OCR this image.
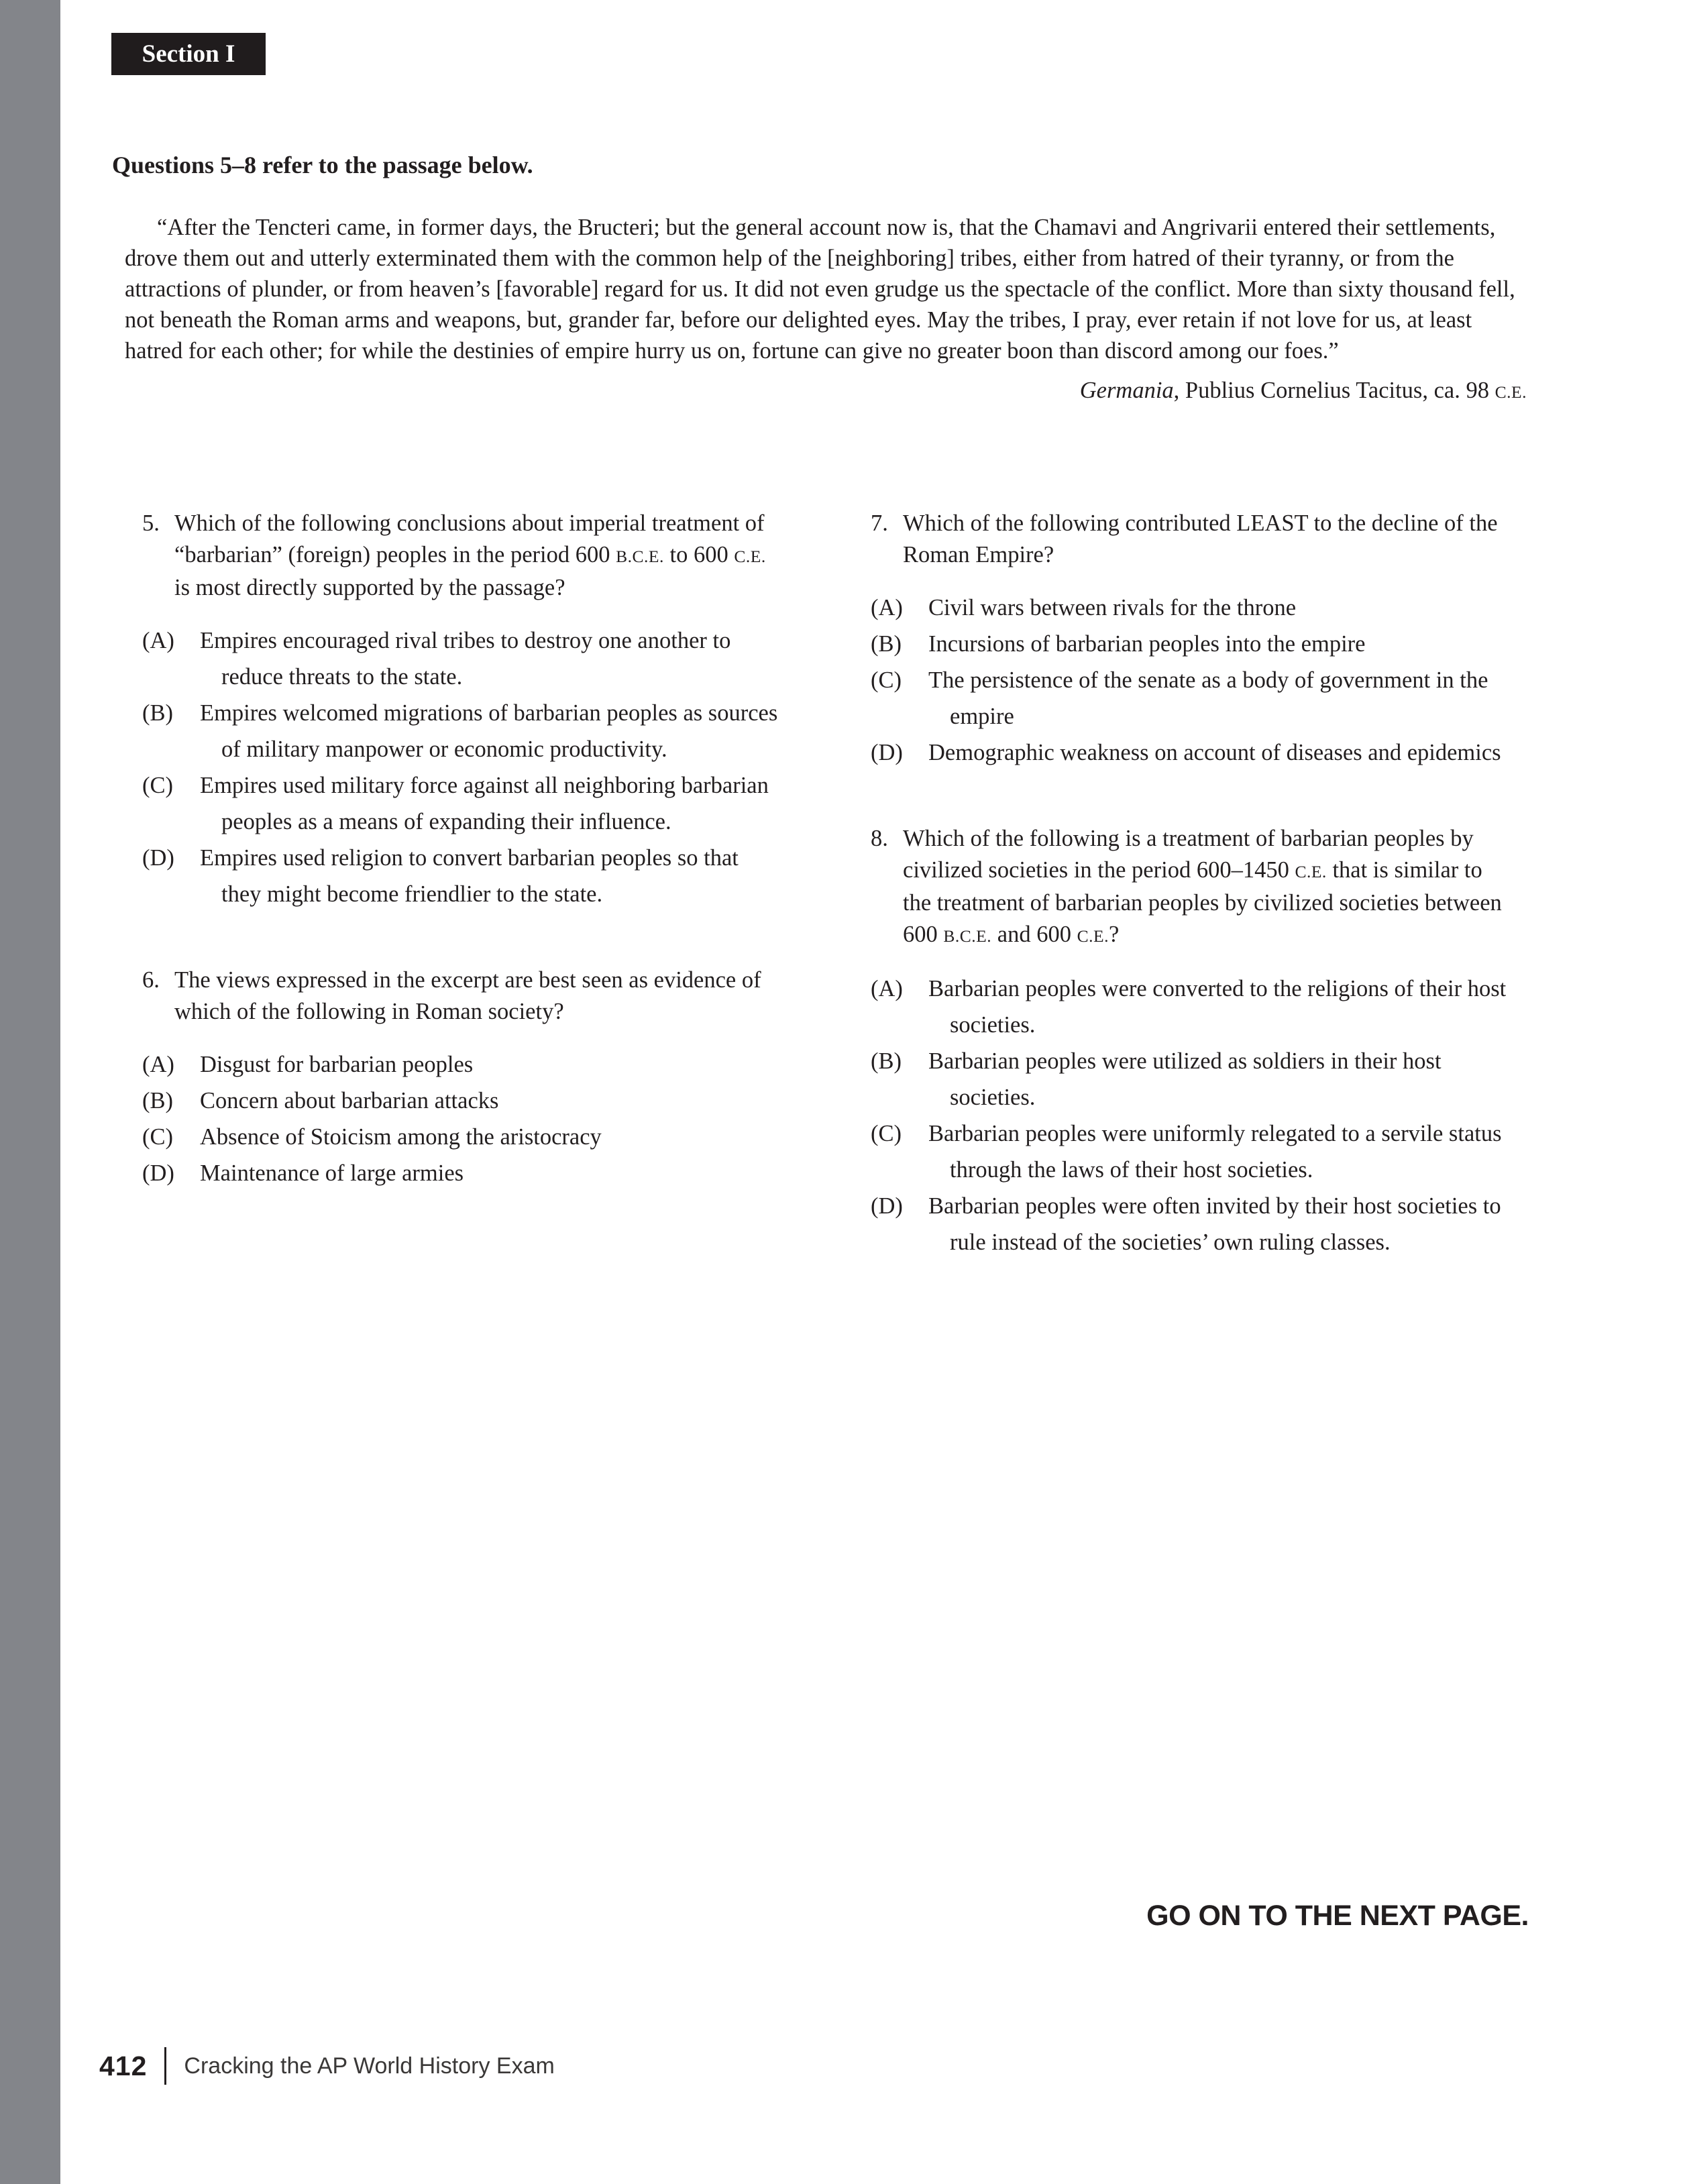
Section I
Questions 5–8 refer to the passage below.

“After the Tencteri came, in former days, the Bructeri; but the general account now is, that the Chamavi and Angrivarii entered their settlements, drove them out and utterly exterminated them with the common help of the [neighboring] tribes, either from hatred of their tyranny, or from the attractions of plunder, or from heaven’s [favorable] regard for us. It did not even grudge us the spectacle of the conflict. More than sixty thousand fell, not beneath the Roman arms and weapons, but, grander far, before our delighted eyes. May the tribes, I pray, ever retain if not love for us, at least hatred for each other; for while the destinies of empire hurry us on, fortune can give no greater boon than discord among our foes.”

Germania, Publius Cornelius Tacitus, ca. 98 C.E.
5. Which of the following conclusions about imperial treatment of “barbarian” (foreign) peoples in the period 600 B.C.E. to 600 C.E. is most directly supported by the passage?
(A) Empires encouraged rival tribes to destroy one another to reduce threats to the state.
(B) Empires welcomed migrations of barbarian peoples as sources of military manpower or economic productivity.
(C) Empires used military force against all neighboring barbarian peoples as a means of expanding their influence.
(D) Empires used religion to convert barbarian peoples so that they might become friendlier to the state.
6. The views expressed in the excerpt are best seen as evidence of which of the following in Roman society?
(A) Disgust for barbarian peoples
(B) Concern about barbarian attacks
(C) Absence of Stoicism among the aristocracy
(D) Maintenance of large armies
7. Which of the following contributed LEAST to the decline of the Roman Empire?
(A) Civil wars between rivals for the throne
(B) Incursions of barbarian peoples into the empire
(C) The persistence of the senate as a body of government in the empire
(D) Demographic weakness on account of diseases and epidemics
8. Which of the following is a treatment of barbarian peoples by civilized societies in the period 600–1450 C.E. that is similar to the treatment of barbarian peoples by civilized societies between 600 B.C.E. and 600 C.E.?
(A) Barbarian peoples were converted to the religions of their host societies.
(B) Barbarian peoples were utilized as soldiers in their host societies.
(C) Barbarian peoples were uniformly relegated to a servile status through the laws of their host societies.
(D) Barbarian peoples were often invited by their host societies to rule instead of the societies’ own ruling classes.
GO ON TO THE NEXT PAGE.
412 Cracking the AP World History Exam
